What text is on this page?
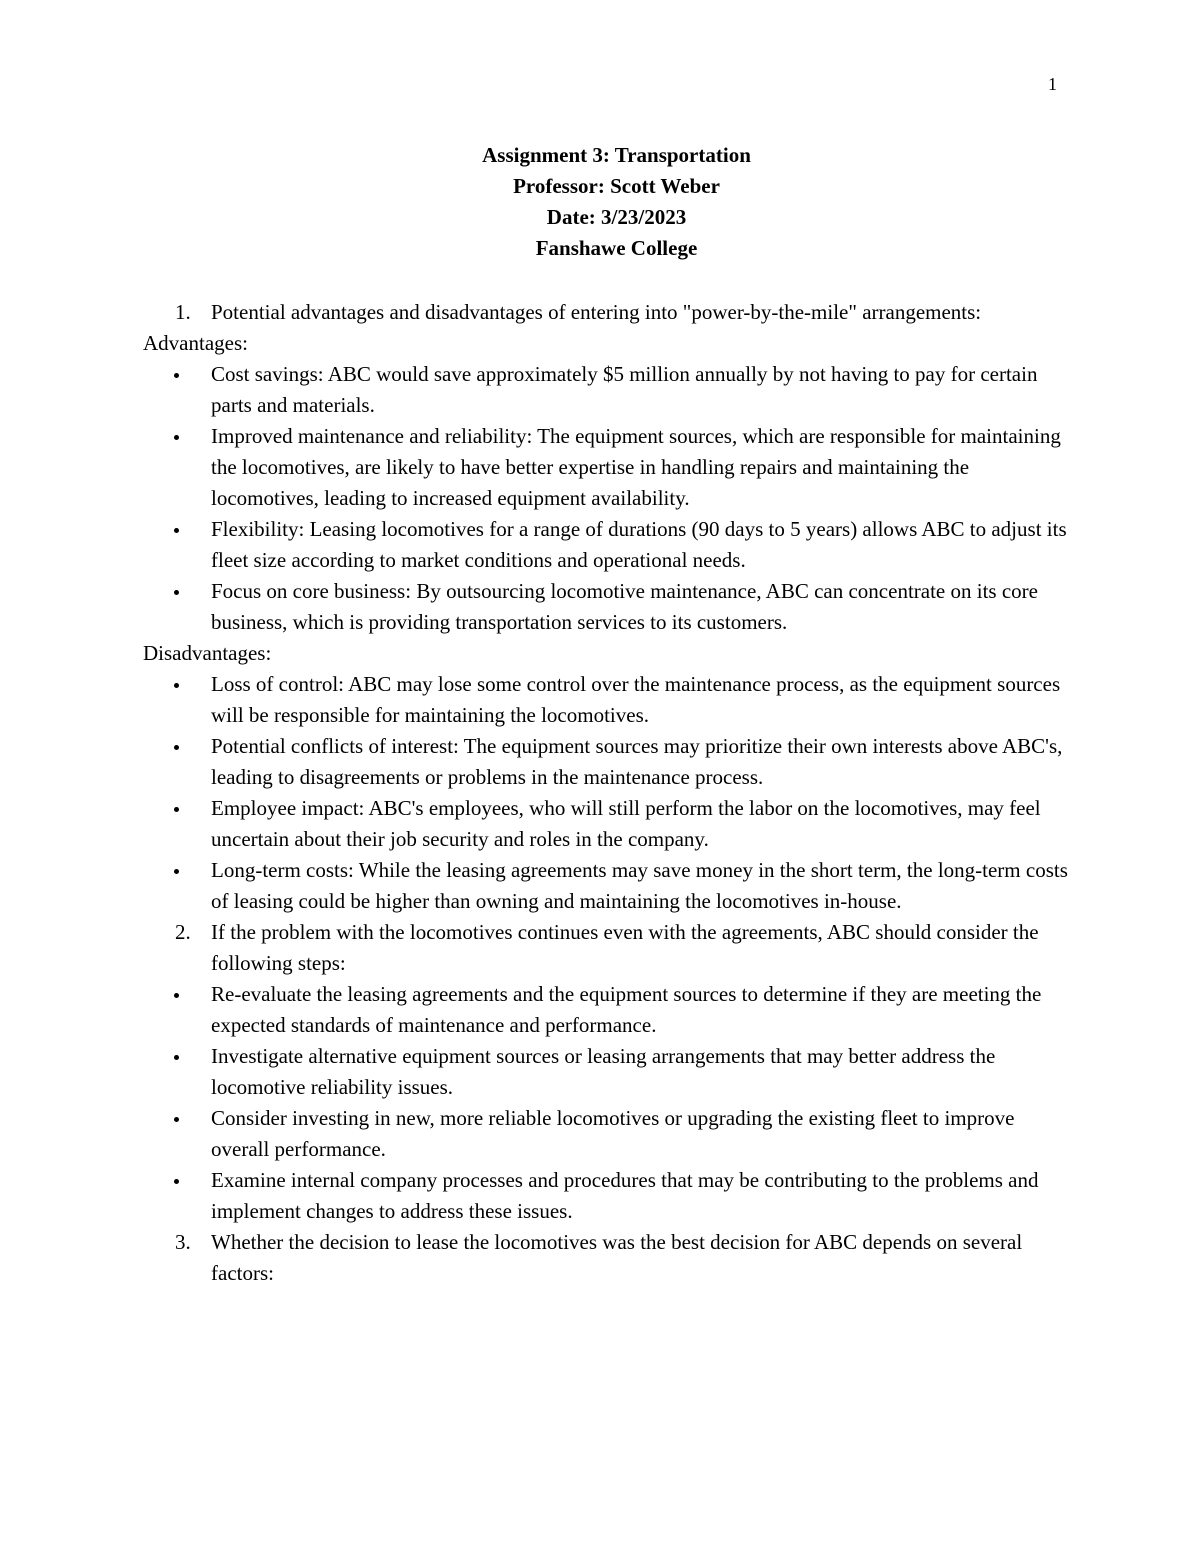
1
Assignment 3: Transportation
Professor: Scott Weber
Date: 3/23/2023
Fanshawe College
1. Potential advantages and disadvantages of entering into "power-by-the-mile" arrangements:
Advantages:
Cost savings: ABC would save approximately $5 million annually by not having to pay for certain parts and materials.
Improved maintenance and reliability: The equipment sources, which are responsible for maintaining the locomotives, are likely to have better expertise in handling repairs and maintaining the locomotives, leading to increased equipment availability.
Flexibility: Leasing locomotives for a range of durations (90 days to 5 years) allows ABC to adjust its fleet size according to market conditions and operational needs.
Focus on core business: By outsourcing locomotive maintenance, ABC can concentrate on its core business, which is providing transportation services to its customers.
Disadvantages:
Loss of control: ABC may lose some control over the maintenance process, as the equipment sources will be responsible for maintaining the locomotives.
Potential conflicts of interest: The equipment sources may prioritize their own interests above ABC's, leading to disagreements or problems in the maintenance process.
Employee impact: ABC's employees, who will still perform the labor on the locomotives, may feel uncertain about their job security and roles in the company.
Long-term costs: While the leasing agreements may save money in the short term, the long-term costs of leasing could be higher than owning and maintaining the locomotives in-house.
2. If the problem with the locomotives continues even with the agreements, ABC should consider the following steps:
Re-evaluate the leasing agreements and the equipment sources to determine if they are meeting the expected standards of maintenance and performance.
Investigate alternative equipment sources or leasing arrangements that may better address the locomotive reliability issues.
Consider investing in new, more reliable locomotives or upgrading the existing fleet to improve overall performance.
Examine internal company processes and procedures that may be contributing to the problems and implement changes to address these issues.
3. Whether the decision to lease the locomotives was the best decision for ABC depends on several factors:
